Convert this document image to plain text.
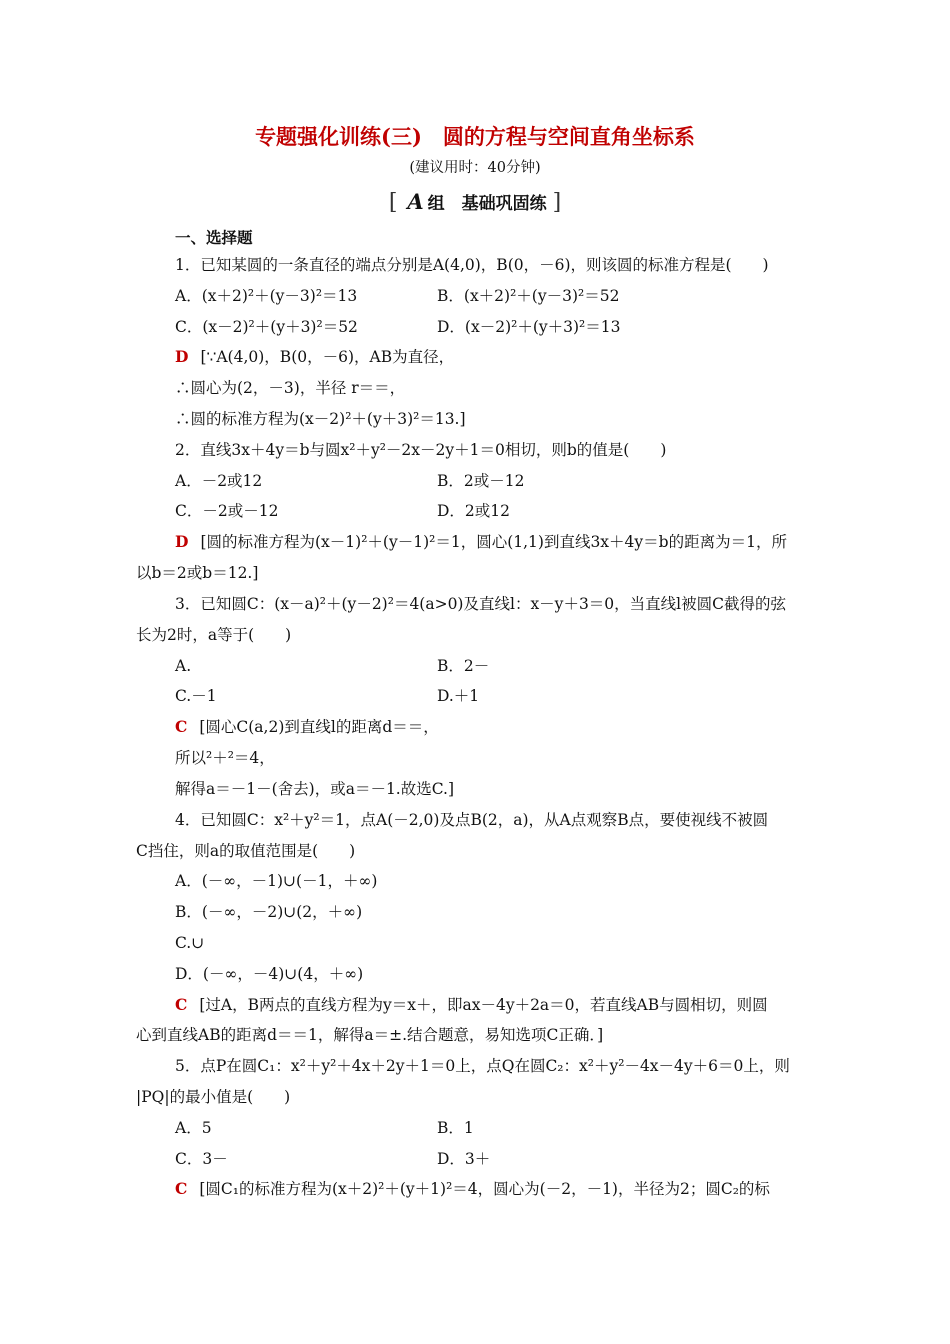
专题强化训练(三)　圆的方程与空间直角坐标系
(建议用时：40分钟)
[ A 组　基础巩固练 ]
一、选择题
1．已知某圆的一条直径的端点分别是A(4,0)，B(0，－6)，则该圆的标准方程是(　　)
A．(x＋2)²＋(y－3)²＝13	B．(x＋2)²＋(y－3)²＝52
C．(x－2)²＋(y＋3)²＝52	D．(x－2)²＋(y＋3)²＝13
D [∵A(4,0)，B(0，－6)，AB为直径，
∴圆心为(2，－3)，半径 r＝＝，
∴圆的标准方程为(x－2)²＋(y＋3)²＝13.]
2．直线3x＋4y＝b与圆x²＋y²－2x－2y＋1＝0相切，则b的值是(　　)
A．－2或12	B．2或－12
C．－2或－12	D．2或12
D [圆的标准方程为(x－1)²＋(y－1)²＝1，圆心(1,1)到直线3x＋4y＝b的距离为＝1，所
以b＝2或b＝12.]
3．已知圆C：(x－a)²＋(y－2)²＝4(a>0)及直线l：x－y＋3＝0，当直线l被圆C截得的弦
长为2时，a等于(　　)
A.	B．2－
C.－1	D.＋1
C [圆心C(a,2)到直线l的距离d＝＝，
所以²＋²＝4，
解得a＝－1－(舍去)，或a＝－1.故选C.]
4．已知圆C：x²＋y²＝1，点A(－2,0)及点B(2，a)，从A点观察B点，要使视线不被圆
C挡住，则a的取值范围是(　　)
A．(－∞，－1)∪(－1，＋∞)
B．(－∞，－2)∪(2，＋∞)
C.∪
D．(－∞，－4)∪(4，＋∞)
C [过A，B两点的直线方程为y＝x＋，即ax－4y＋2a＝0，若直线AB与圆相切，则圆
心到直线AB的距离d＝＝1，解得a＝±.结合题意，易知选项C正确．]
5．点P在圆C₁：x²＋y²＋4x＋2y＋1＝0上，点Q在圆C₂：x²＋y²－4x－4y＋6＝0上，则
|PQ|的最小值是(　　)
A．5	B．1
C．3－	D．3＋
C [圆C₁的标准方程为(x＋2)²＋(y＋1)²＝4，圆心为(－2，－1)，半径为2；圆C₂的标
